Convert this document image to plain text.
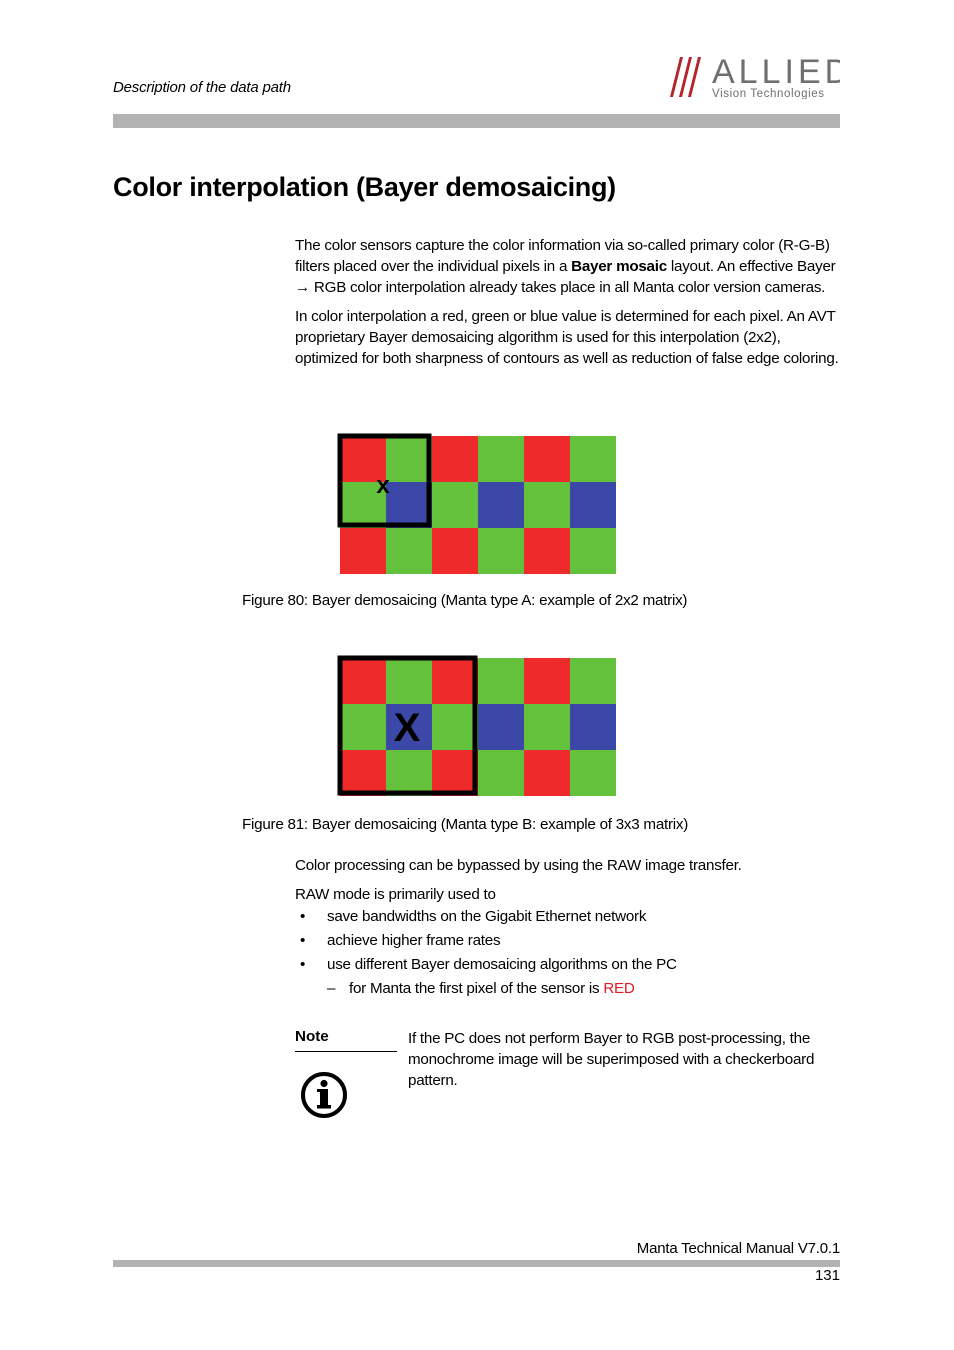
Description of the data path	ALLIED
Vision Technologies
Color interpolation (Bayer demosaicing)

The color sensors capture the color information via so-called primary color (R-G-B) filters placed over the individual pixels in a Bayer mosaic layout. An effective Bayer → RGB color interpolation already takes place in all Manta color version cameras.

In color interpolation a red, green or blue value is determined for each pixel. An AVT proprietary Bayer demosaicing algorithm is used for this interpolation (2x2), optimized for both sharpness of contours as well as reduction of false edge coloring.

x
Figure 80: Bayer demosaicing (Manta type A: example of 2x2 matrix)
X
Figure 81: Bayer demosaicing (Manta type B: example of 3x3 matrix)

Color processing can be bypassed by using the RAW image transfer.

RAW mode is primarily used to

• save bandwidths on the Gigabit Ethernet network
• achieve higher frame rates
• use different Bayer demosaicing algorithms on the PC
– for Manta the first pixel of the sensor is RED
Note	If the PC does not perform Bayer to RGB post-processing, the monochrome image will be superimposed with a checkerboard pattern.
Manta Technical Manual V7.0.1
131
